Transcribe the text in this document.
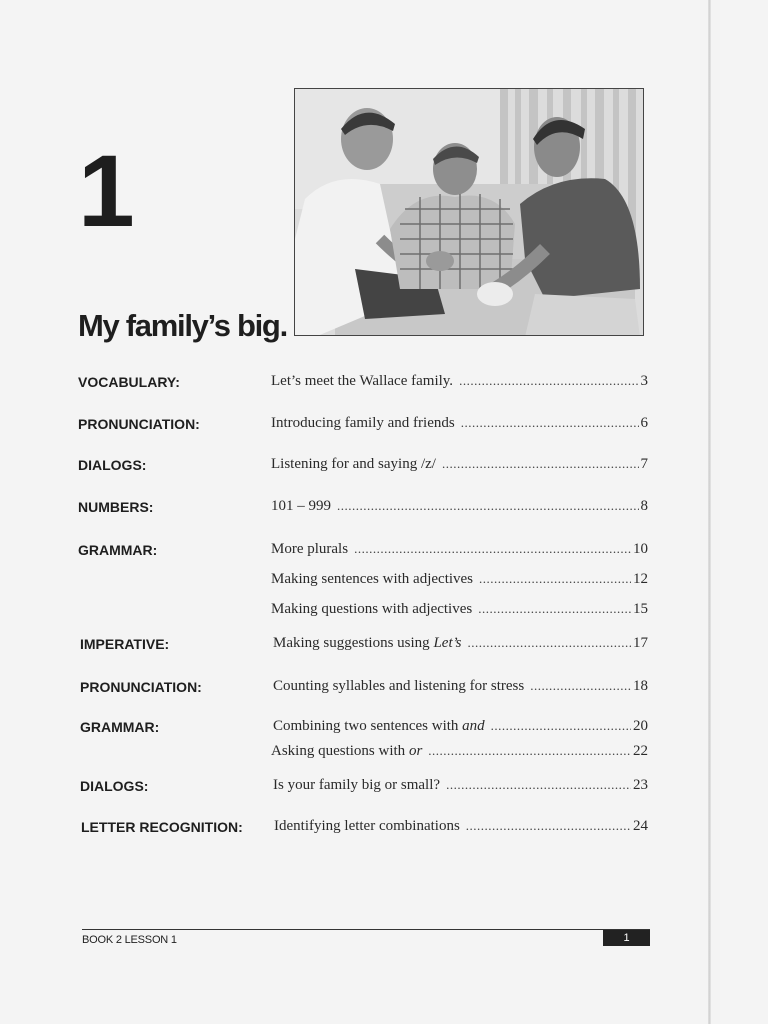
1
My family’s big.
VOCABULARY:	Let’s meet the Wallace family. .....	3
PRONUNCIATION:	Introducing family and friends .....	6
DIALOGS:	Listening for and saying /z/ .....	7
NUMBERS:	101 – 999 .....	8
GRAMMAR:	More plurals .....	10
Making sentences with adjectives .....	12
Making questions with adjectives .....	15
IMPERATIVE:	Making suggestions using Let’s .....	17
PRONUNCIATION:	Counting syllables and listening for stress .....	18
GRAMMAR:	Combining two sentences with and .....	20
Asking questions with or .....	22
DIALOGS:	Is your family big or small? .....	23
LETTER RECOGNITION: Identifying letter combinations .....	24
BOOK 2 LESSON 1	1
